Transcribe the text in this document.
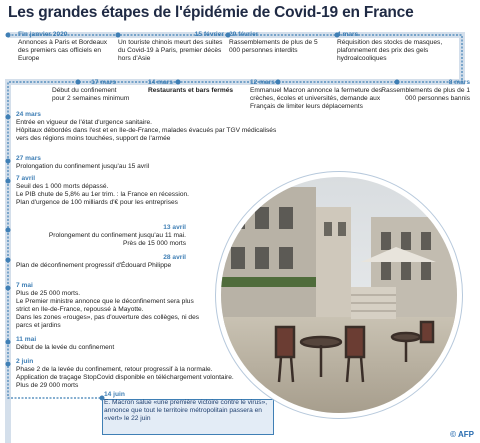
Les grandes étapes de l'épidémie de Covid-19 en France
Fin janvier 2020
Annonces à Paris et Bordeaux des premiers cas officiels en Europe
15 février
Un touriste chinois meurt des suites du Covid-19 à Paris, premier décès hors d'Asie
29 février
Rassemblements de plus de 5 000 personnes interdits
4 mars
Réquisition des stocks de masques, plafonnement des prix des gels hydroalcooliques
17 mars
Début du confinement pour 2 semaines minimum
14 mars
Restaurants et bars fermés
12 mars
Emmanuel Macron annonce la fermeture des crèches, écoles et universités, demande aux Français de limiter leurs déplacements
8 mars
Rassemblements de plus de 1 000 personnes bannis
24 mars
Entrée en vigueur de l'état d'urgence sanitaire.
Hôpitaux débordés dans l'est et en Ile-de-France, malades évacués par TGV médicalisés vers des régions moins touchées, support de l'armée
27 mars
Prolongation du confinement jusqu'au 15 avril
7 avril
Seuil des 1 000 morts dépassé.
Le PIB chute de 5,8% au 1er trim. : la France en récession.
Plan d'urgence de 100 milliards d'€ pour les entreprises
13 avril
Prolongement du confinement jusqu'au 11 mai.
Près de 15 000 morts
28 avril
Plan de déconfinement progressif d'Édouard Philippe
7 mai
Plus de 25 000 morts.
Le Premier ministre annonce que le déconfinement sera plus strict en Ile-de-France, repoussé à Mayotte.
Dans les zones «rouges», pas d'ouverture des collèges, ni des parcs et jardins
11 mai
Début de la levée du confinement
2 juin
Phase 2 de la levée du confinement, retour progressif à la normale.
Application de traçage StopCovid disponible en téléchargement volontaire.
Plus de 29 000 morts
14 juin
E. Macron salue «une première victoire contre le virus», annonce que tout le territoire métropolitain passera en «vert» le 22 juin
© AFP
